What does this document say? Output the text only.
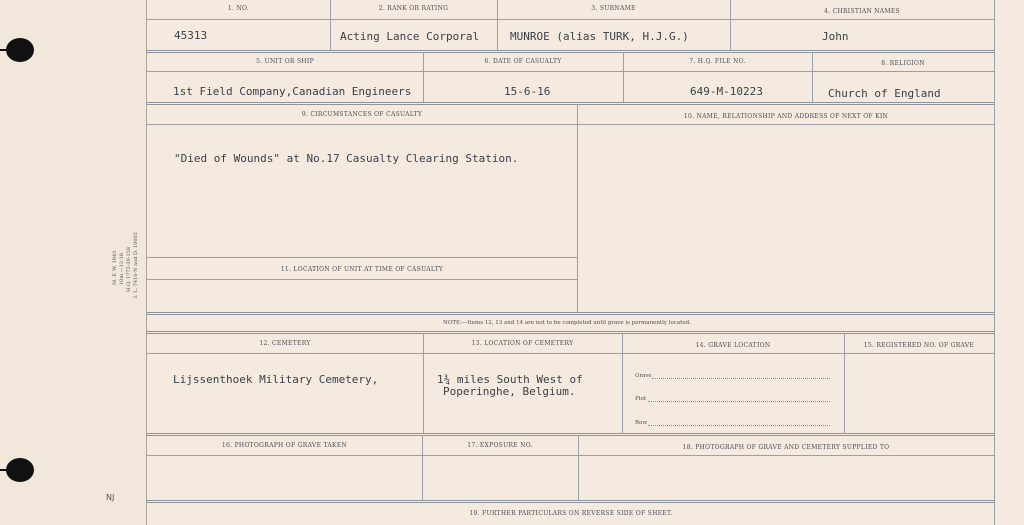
M. F. W. 1843 10m.—12-18 H.Q. 1772-39-158 I. L. 7416-N and D. 10002
NJ
1. NO.	2. RANK OR RATING	3. SURNAME	4. CHRISTIAN NAMES
45313	Acting Lance Corporal	MUNROE (alias TURK, H.J.G.)	John
5. UNIT OR SHIP	6. DATE OF CASUALTY	7. H.Q. FILE NO.	8. RELIGION
1st Field Company,Canadian Engineers	15-6-16	649-M-10223	Church of England
9. CIRCUMSTANCES OF CASUALTY	10. NAME, RELATIONSHIP AND ADDRESS OF NEXT OF KIN
"Died of Wounds" at No.17 Casualty Clearing Station.
11. LOCATION OF UNIT AT TIME OF CASUALTY
NOTE:—Items 12, 13 and 14 are not to be completed until grave is permanently located.
12. CEMETERY	13. LOCATION OF CEMETERY	14. GRAVE LOCATION	15. REGISTERED NO. OF GRAVE
Lijssenthoek Military Cemetery,	1¾ miles South West of
Poperinghe, Belgium.
Grave
Plot
Row
16. PHOTOGRAPH OF GRAVE TAKEN	17. EXPOSURE NO.	18. PHOTOGRAPH OF GRAVE AND CEMETERY SUPPLIED TO
19. FURTHER PARTICULARS ON REVERSE SIDE OF SHEET.
